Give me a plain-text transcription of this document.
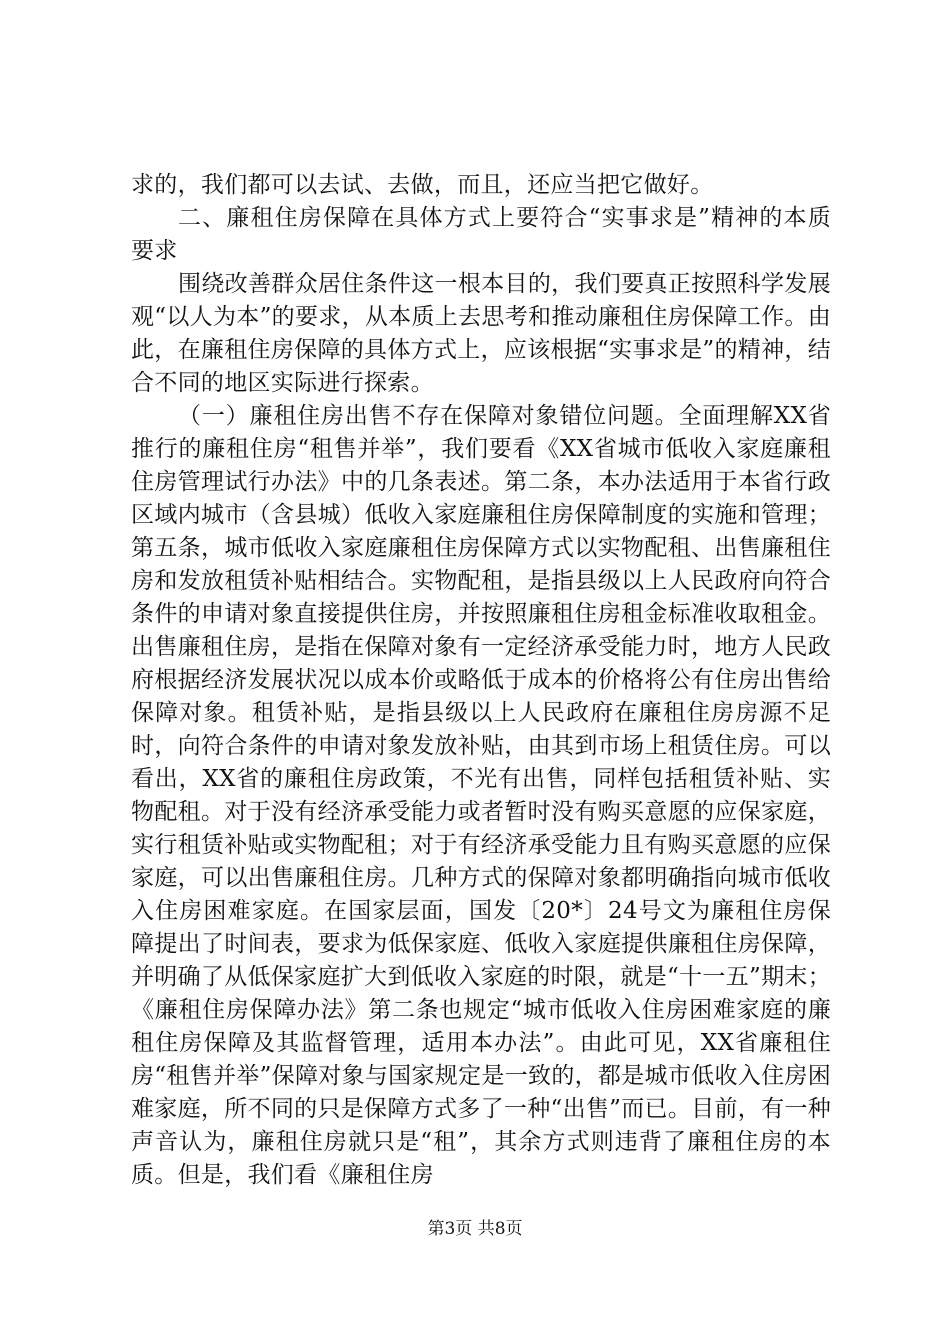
求的，我们都可以去试、去做，而且，还应当把它做好。

二、廉租住房保障在具体方式上要符合“实事求是”精神的本质要求

围绕改善群众居住条件这一根本目的，我们要真正按照科学发展观“以人为本”的要求，从本质上去思考和推动廉租住房保障工作。由此，在廉租住房保障的具体方式上，应该根据“实事求是”的精神，结合不同的地区实际进行探索。

（一）廉租住房出售不存在保障对象错位问题。全面理解XX省推行的廉租住房“租售并举”，我们要看《XX省城市低收入家庭廉租住房管理试行办法》中的几条表述。第二条，本办法适用于本省行政区域内城市（含县城）低收入家庭廉租住房保障制度的实施和管理；第五条，城市低收入家庭廉租住房保障方式以实物配租、出售廉租住房和发放租赁补贴相结合。实物配租，是指县级以上人民政府向符合条件的申请对象直接提供住房，并按照廉租住房租金标准收取租金。出售廉租住房，是指在保障对象有一定经济承受能力时，地方人民政府根据经济发展状况以成本价或略低于成本的价格将公有住房出售给保障对象。租赁补贴，是指县级以上人民政府在廉租住房房源不足时，向符合条件的申请对象发放补贴，由其到市场上租赁住房。可以看出，XX省的廉租住房政策，不光有出售，同样包括租赁补贴、实物配租。对于没有经济承受能力或者暂时没有购买意愿的应保家庭，实行租赁补贴或实物配租；对于有经济承受能力且有购买意愿的应保家庭，可以出售廉租住房。几种方式的保障对象都明确指向城市低收入住房困难家庭。在国家层面，国发〔20*〕24号文为廉租住房保障提出了时间表，要求为低保家庭、低收入家庭提供廉租住房保障，并明确了从低保家庭扩大到低收入家庭的时限，就是“十一五”期末；《廉租住房保障办法》第二条也规定“城市低收入住房困难家庭的廉租住房保障及其监督管理，适用本办法”。由此可见，XX省廉租住房“租售并举”保障对象与国家规定是一致的，都是城市低收入住房困难家庭，所不同的只是保障方式多了一种“出售”而已。目前，有一种声音认为，廉租住房就只是“租”，其余方式则违背了廉租住房的本质。但是，我们看《廉租住房

第3页 共8页
